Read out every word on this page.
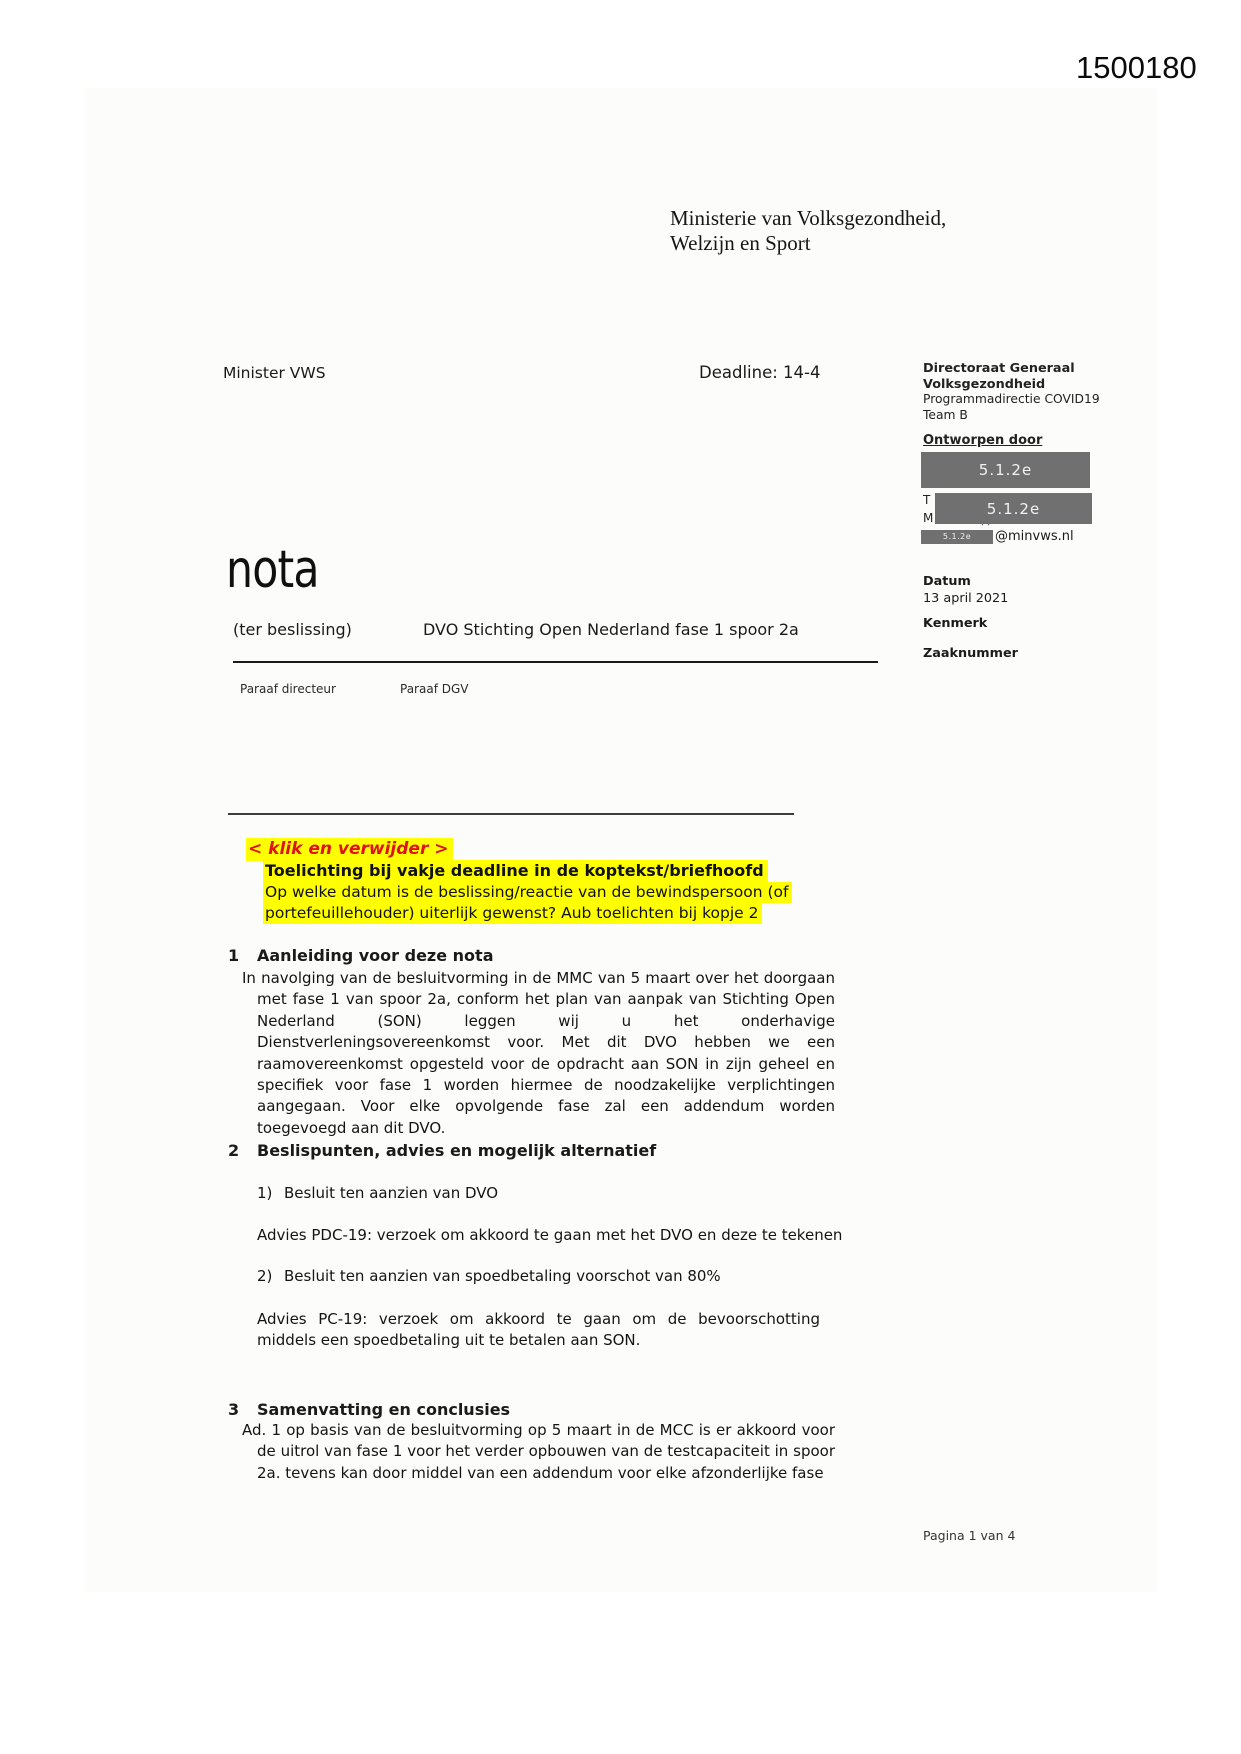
1500180
Ministerie van Volksgezondheid,
Welzijn en Sport
Minister VWS	Deadline: 14-4	Directoraat Generaal
Volksgezondheid
Programmadirectie COVID19
Team B
Ontworpen door
5.1.2e
T
M
5.1.2e
5.1.2e @minvws.nl
Datum
13 april 2021
Kenmerk
Zaaknummer
nota
(ter beslissing)	DVO Stichting Open Nederland fase 1 spoor 2a
Paraaf directeur	Paraaf DGV
< klik en verwijder >
Toelichting bij vakje deadline in de koptekst/briefhoofd
Op welke datum is de beslissing/reactie van de bewindspersoon (of
portefeuillehouder) uiterlijk gewenst? Aub toelichten bij kopje 2
1 Aanleiding voor deze nota
In navolging van de besluitvorming in de MMC van 5 maart over het doorgaan met fase 1 van spoor 2a, conform het plan van aanpak van Stichting Open Nederland (SON) leggen wij u het onderhavige Dienstverleningsovereenkomst voor. Met dit DVO hebben we een raamovereenkomst opgesteld voor de opdracht aan SON in zijn geheel en specifiek voor fase 1 worden hiermee de noodzakelijke verplichtingen aangegaan. Voor elke opvolgende fase zal een addendum worden toegevoegd aan dit DVO.
2 Beslispunten, advies en mogelijk alternatief
1) Besluit ten aanzien van DVO
Advies PDC-19: verzoek om akkoord te gaan met het DVO en deze te tekenen
2) Besluit ten aanzien van spoedbetaling voorschot van 80%
Advies PC-19: verzoek om akkoord te gaan om de bevoorschotting middels een spoedbetaling uit te betalen aan SON.
3 Samenvatting en conclusies
Ad. 1 op basis van de besluitvorming op 5 maart in de MCC is er akkoord voor de uitrol van fase 1 voor het verder opbouwen van de testcapaciteit in spoor 2a. tevens kan door middel van een addendum voor elke afzonderlijke fase
Pagina 1 van 4
